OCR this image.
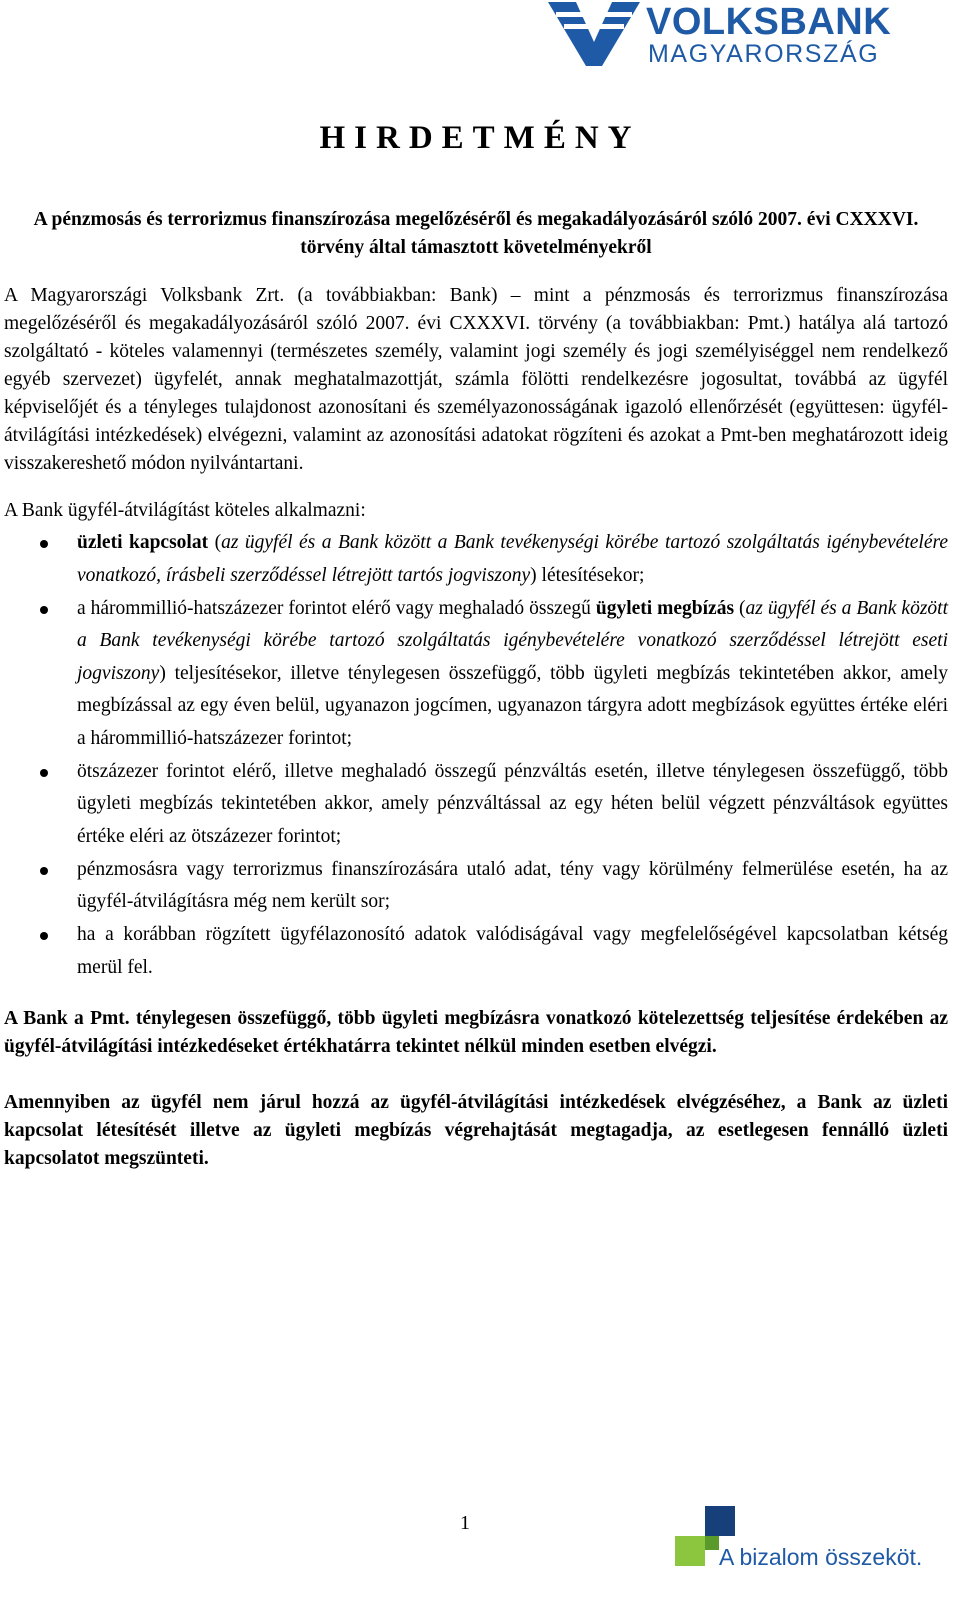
VOLKSBANK
MAGYARORSZÁG
HIRDETMÉNY

A pénzmosás és terrorizmus finanszírozása megelőzéséről és megakadályozásáról szóló 2007. évi CXXXVI. törvény által támasztott követelményekről

A Magyarországi Volksbank Zrt. (a továbbiakban: Bank) – mint a pénzmosás és terrorizmus finanszírozása megelőzéséről és megakadályozásáról szóló 2007. évi CXXXVI. törvény (a továbbiakban: Pmt.) hatálya alá tartozó szolgáltató - köteles valamennyi (természetes személy, valamint jogi személy és jogi személyiséggel nem rendelkező egyéb szervezet) ügyfelét, annak meghatalmazottját, számla fölötti rendelkezésre jogosultat, továbbá az ügyfél képviselőjét és a tényleges tulajdonost azonosítani és személyazonosságának igazoló ellenőrzését (együttesen: ügyfél-átvilágítási intézkedések) elvégezni, valamint az azonosítási adatokat rögzíteni és azokat a Pmt-ben meghatározott ideig visszakereshető módon nyilvántartani.

A Bank ügyfél-átvilágítást köteles alkalmazni:

üzleti kapcsolat (az ügyfél és a Bank között a Bank tevékenységi körébe tartozó szolgáltatás igénybevételére vonatkozó, írásbeli szerződéssel létrejött tartós jogviszony) létesítésekor;
a hárommillió-hatszázezer forintot elérő vagy meghaladó összegű ügyleti megbízás (az ügyfél és a Bank között a Bank tevékenységi körébe tartozó szolgáltatás igénybevételére vonatkozó szerződéssel létrejött eseti jogviszony) teljesítésekor, illetve ténylegesen összefüggő, több ügyleti megbízás tekintetében akkor, amely megbízással az egy éven belül, ugyanazon jogcímen, ugyanazon tárgyra adott megbízások együttes értéke eléri a hárommillió-hatszázezer forintot;
ötszázezer forintot elérő, illetve meghaladó összegű pénzváltás esetén, illetve ténylegesen összefüggő, több ügyleti megbízás tekintetében akkor, amely pénzváltással az egy héten belül végzett pénzváltások együttes értéke eléri az ötszázezer forintot;
pénzmosásra vagy terrorizmus finanszírozására utaló adat, tény vagy körülmény felmerülése esetén, ha az ügyfél-átvilágításra még nem került sor;
ha a korábban rögzített ügyfélazonosító adatok valódiságával vagy megfelelőségével kapcsolatban kétség merül fel.

A Bank a Pmt. ténylegesen összefüggő, több ügyleti megbízásra vonatkozó kötelezettség teljesítése érdekében az ügyfél-átvilágítási intézkedéseket értékhatárra tekintet nélkül minden esetben elvégzi.

Amennyiben az ügyfél nem járul hozzá az ügyfél-átvilágítási intézkedések elvégzéséhez, a Bank az üzleti kapcsolat létesítését illetve az ügyleti megbízás végrehajtását megtagadja, az esetlegesen fennálló üzleti kapcsolatot megszünteti.

1
A bizalom összeköt.
